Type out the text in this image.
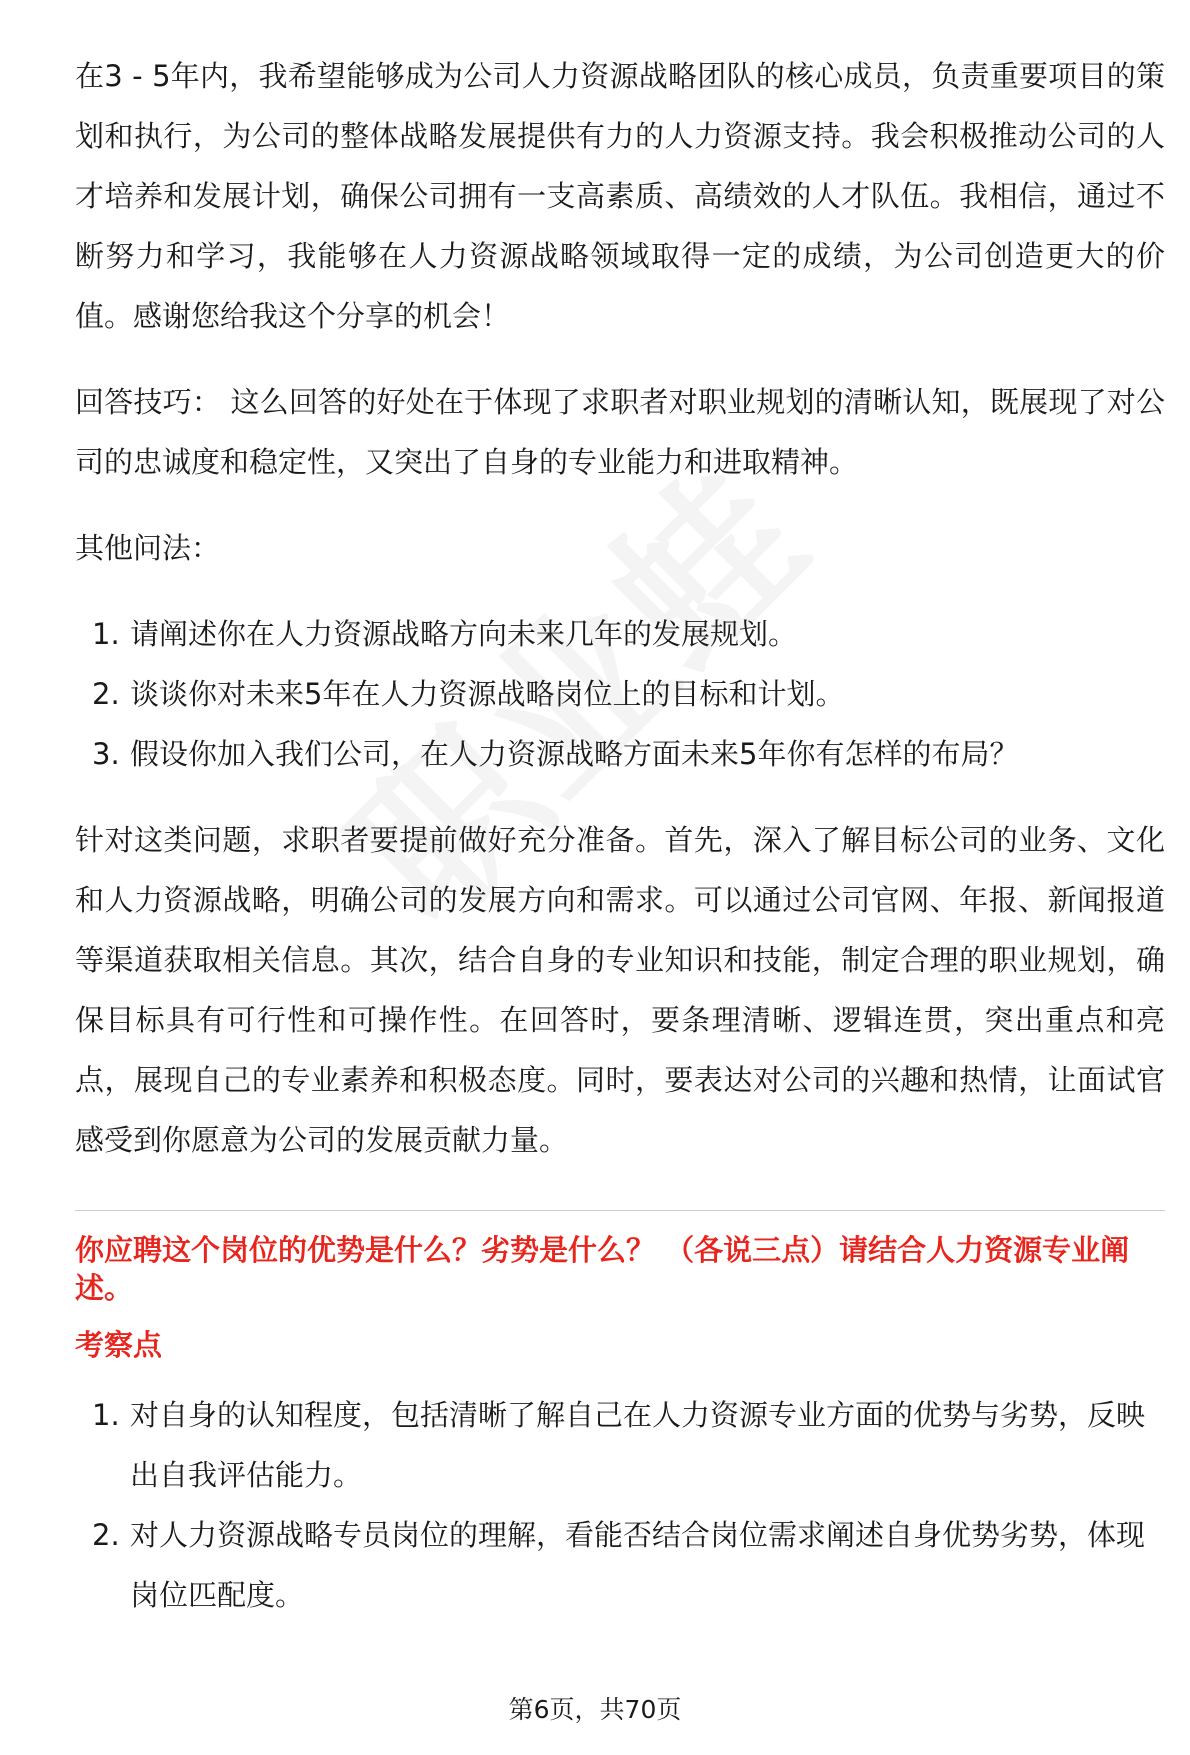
在3 - 5年内，我希望能够成为公司人力资源战略团队的核心成员，负责重要项目的策划和执行，为公司的整体战略发展提供有力的人力资源支持。我会积极推动公司的人才培养和发展计划，确保公司拥有一支高素质、高绩效的人才队伍。我相信，通过不断努力和学习，我能够在人力资源战略领域取得一定的成绩，为公司创造更大的价值。感谢您给我这个分享的机会！

回答技巧： 这么回答的好处在于体现了求职者对职业规划的清晰认知，既展现了对公司的忠诚度和稳定性，又突出了自身的专业能力和进取精神。

其他问法：

1. 请阐述你在人力资源战略方向未来几年的发展规划。
2. 谈谈你对未来5年在人力资源战略岗位上的目标和计划。
3. 假设你加入我们公司，在人力资源战略方面未来5年你有怎样的布局？

针对这类问题，求职者要提前做好充分准备。首先，深入了解目标公司的业务、文化和人力资源战略，明确公司的发展方向和需求。可以通过公司官网、年报、新闻报道等渠道获取相关信息。其次，结合自身的专业知识和技能，制定合理的职业规划，确保目标具有可行性和可操作性。在回答时，要条理清晰、逻辑连贯，突出重点和亮点，展现自己的专业素养和积极态度。同时，要表达对公司的兴趣和热情，让面试官感受到你愿意为公司的发展贡献力量。

你应聘这个岗位的优势是什么？劣势是什么？ （各说三点）请结合人力资源专业阐述。

考察点

1. 对自身的认知程度，包括清晰了解自己在人力资源专业方面的优势与劣势，反映出自我评估能力。
2. 对人力资源战略专员岗位的理解，看能否结合岗位需求阐述自身优势劣势，体现岗位匹配度。
第6页，共70页
